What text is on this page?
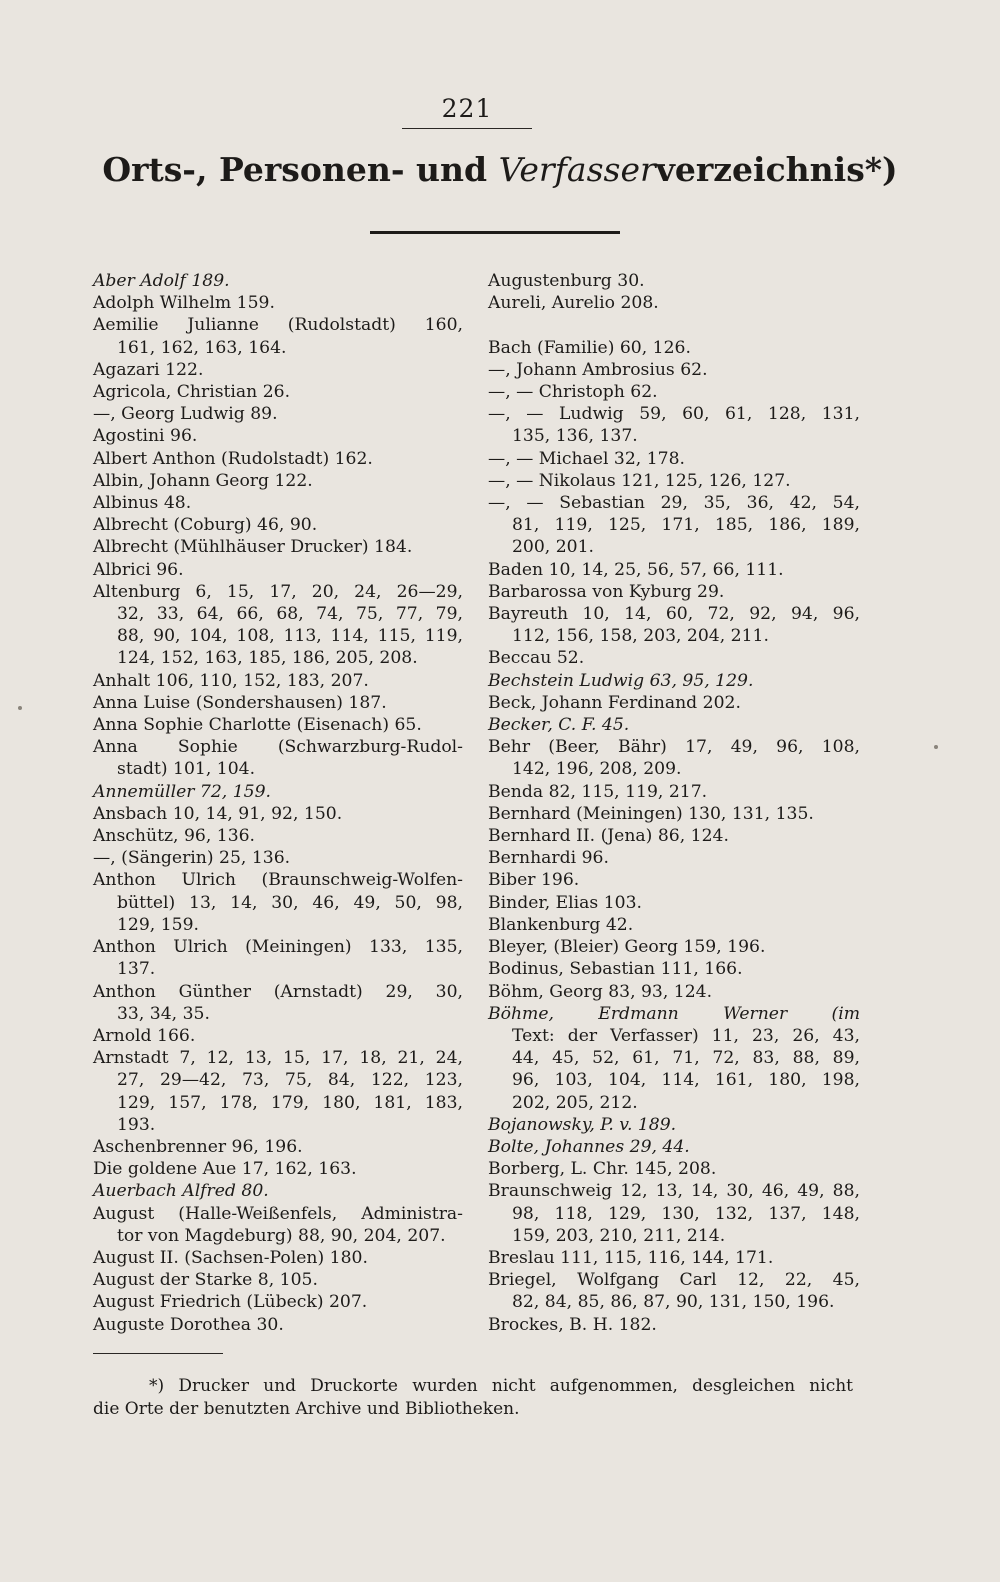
221
Orts-, Personen- und Verfasserverzeichnis*)
Aber Adolf 189.
Adolph Wilhelm 159.
Aemilie Julianne (Rudolstadt) 160,
161, 162, 163, 164.
Agazari 122.
Agricola, Christian 26.
—, Georg Ludwig 89.
Agostini 96.
Albert Anthon (Rudolstadt) 162.
Albin, Johann Georg 122.
Albinus 48.
Albrecht (Coburg) 46, 90.
Albrecht (Mühlhäuser Drucker) 184.
Albrici 96.
Altenburg 6, 15, 17, 20, 24, 26—29,
32, 33, 64, 66, 68, 74, 75, 77, 79,
88, 90, 104, 108, 113, 114, 115, 119,
124, 152, 163, 185, 186, 205, 208.
Anhalt 106, 110, 152, 183, 207.
Anna Luise (Sondershausen) 187.
Anna Sophie Charlotte (Eisenach) 65.
Anna Sophie (Schwarzburg-Rudol-
stadt) 101, 104.
Annemüller 72, 159.
Ansbach 10, 14, 91, 92, 150.
Anschütz, 96, 136.
—, (Sängerin) 25, 136.
Anthon Ulrich (Braunschweig-Wolfen-
büttel) 13, 14, 30, 46, 49, 50, 98,
129, 159.
Anthon Ulrich (Meiningen) 133, 135,
137.
Anthon Günther (Arnstadt) 29, 30,
33, 34, 35.
Arnold 166.
Arnstadt 7, 12, 13, 15, 17, 18, 21, 24,
27, 29—42, 73, 75, 84, 122, 123,
129, 157, 178, 179, 180, 181, 183,
193.
Aschenbrenner 96, 196.
Die goldene Aue 17, 162, 163.
Auerbach Alfred 80.
August (Halle-Weißenfels, Administra-
tor von Magdeburg) 88, 90, 204, 207.
August II. (Sachsen-Polen) 180.
August der Starke 8, 105.
August Friedrich (Lübeck) 207.
Auguste Dorothea 30.
Augustenburg 30.
Aureli, Aurelio 208.

Bach (Familie) 60, 126.
—, Johann Ambrosius 62.
—, — Christoph 62.
—, — Ludwig 59, 60, 61, 128, 131,
135, 136, 137.
—, — Michael 32, 178.
—, — Nikolaus 121, 125, 126, 127.
—, — Sebastian 29, 35, 36, 42, 54,
81, 119, 125, 171, 185, 186, 189,
200, 201.
Baden 10, 14, 25, 56, 57, 66, 111.
Barbarossa von Kyburg 29.
Bayreuth 10, 14, 60, 72, 92, 94, 96,
112, 156, 158, 203, 204, 211.
Beccau 52.
Bechstein Ludwig 63, 95, 129.
Beck, Johann Ferdinand 202.
Becker, C. F. 45.
Behr (Beer, Bähr) 17, 49, 96, 108,
142, 196, 208, 209.
Benda 82, 115, 119, 217.
Bernhard (Meiningen) 130, 131, 135.
Bernhard II. (Jena) 86, 124.
Bernhardi 96.
Biber 196.
Binder, Elias 103.
Blankenburg 42.
Bleyer, (Bleier) Georg 159, 196.
Bodinus, Sebastian 111, 166.
Böhm, Georg 83, 93, 124.
Böhme, Erdmann Werner (im
Text: der Verfasser) 11, 23, 26, 43,
44, 45, 52, 61, 71, 72, 83, 88, 89,
96, 103, 104, 114, 161, 180, 198,
202, 205, 212.
Bojanowsky, P. v. 189.
Bolte, Johannes 29, 44.
Borberg, L. Chr. 145, 208.
Braunschweig 12, 13, 14, 30, 46, 49, 88,
98, 118, 129, 130, 132, 137, 148,
159, 203, 210, 211, 214.
Breslau 111, 115, 116, 144, 171.
Briegel, Wolfgang Carl 12, 22, 45,
82, 84, 85, 86, 87, 90, 131, 150, 196.
Brockes, B. H. 182.
*) Drucker und Druckorte wurden nicht aufgenommen, desgleichen nicht
die Orte der benutzten Archive und Bibliotheken.
